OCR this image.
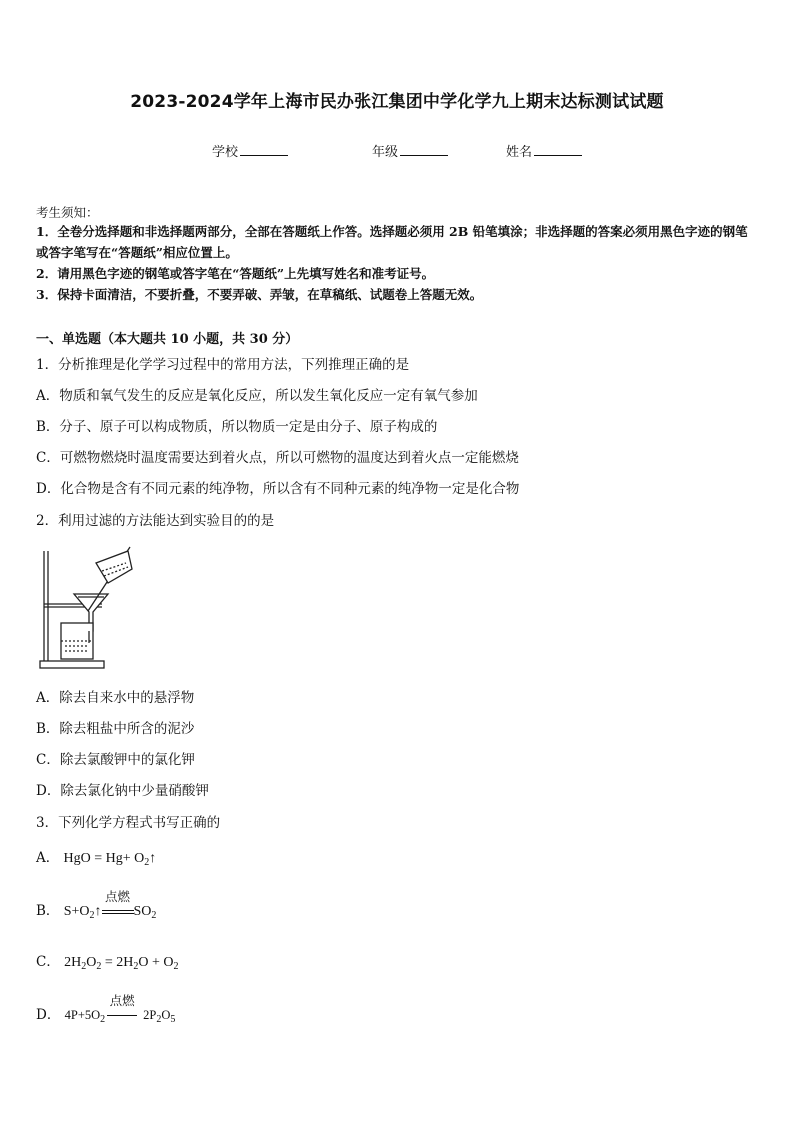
2023-2024学年上海市民办张江集团中学化学九上期末达标测试试题
学校	年级	姓名
考生须知：
1．全卷分选择题和非选择题两部分，全部在答题纸上作答。选择题必须用 2B 铅笔填涂；非选择题的答案必须用黑色字迹的钢笔或答字笔写在“答题纸”相应位置上。
2．请用黑色字迹的钢笔或答字笔在“答题纸”上先填写姓名和准考证号。
3．保持卡面清洁，不要折叠，不要弄破、弄皱，在草稿纸、试题卷上答题无效。
一、单选题（本大题共 10 小题，共 30 分）
1．分析推理是化学学习过程中的常用方法，下列推理正确的是
A．物质和氧气发生的反应是氧化反应，所以发生氧化反应一定有氧气参加
B．分子、原子可以构成物质，所以物质一定是由分子、原子构成的
C．可燃物燃烧时温度需要达到着火点，所以可燃物的温度达到着火点一定能燃烧
D．化合物是含有不同元素的纯净物，所以含有不同种元素的纯净物一定是化合物
2．利用过滤的方法能达到实验目的的是
A．除去自来水中的悬浮物
B．除去粗盐中所含的泥沙
C．除去氯酸钾中的氯化钾
D．除去氯化钠中少量硝酸钾
3．下列化学方程式书写正确的
A． HgO = $Hg+ O_2↑$
B． $S+O_2↑$
点燃
$SO_2$
C． $2H_2O_2 = 2H_2O + O_2$
D． $4P+5O_2$
点燃
$2P_2O_5$
